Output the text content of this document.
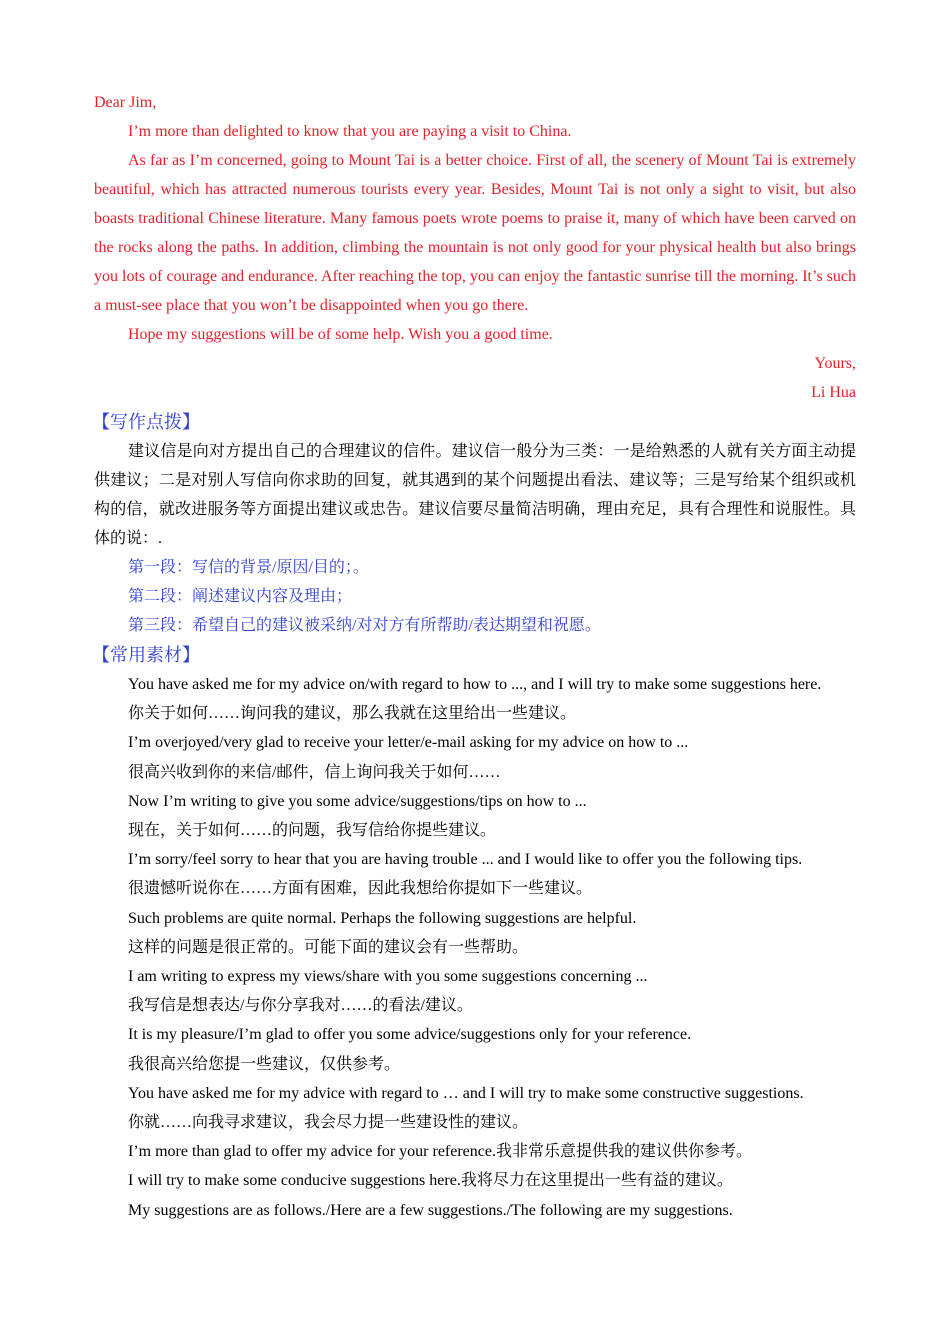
Dear Jim,
I’m more than delighted to know that you are paying a visit to China.
As far as I’m concerned, going to Mount Tai is a better choice. First of all, the scenery of Mount Tai is extremely beautiful, which has attracted numerous tourists every year. Besides, Mount Tai is not only a sight to visit, but also boasts traditional Chinese literature. Many famous poets wrote poems to praise it, many of which have been carved on the rocks along the paths. In addition, climbing the mountain is not only good for your physical health but also brings you lots of courage and endurance. After reaching the top, you can enjoy the fantastic sunrise till the morning. It’s such a must-see place that you won’t be disappointed when you go there.
Hope my suggestions will be of some help. Wish you a good time.
Yours,
Li Hua
【写作点拨】
建议信是向对方提出自己的合理建议的信件。建议信一般分为三类：一是给熟悉的人就有关方面主动提供建议；二是对别人写信向你求助的回复，就其遇到的某个问题提出看法、建议等；三是写给某个组织或机构的信，就改进服务等方面提出建议或忠告。建议信要尽量简洁明确，理由充足，具有合理性和说服性。具体的说：.
第一段：写信的背景/原因/目的；。
第二段：阐述建议内容及理由；
第三段：希望自己的建议被采纳/对对方有所帮助/表达期望和祝愿。
【常用素材】
You have asked me for my advice on/with regard to how to ..., and I will try to make some suggestions here.
你关于如何……询问我的建议，那么我就在这里给出一些建议。
I’m overjoyed/very glad to receive your letter/e-mail asking for my advice on how to ...
很高兴收到你的来信/邮件，信上询问我关于如何……
Now I’m writing to give you some advice/suggestions/tips on how to ...
现在，关于如何……的问题，我写信给你提些建议。
I’m sorry/feel sorry to hear that you are having trouble ... and I would like to offer you the following tips.
很遗憾听说你在……方面有困难，因此我想给你提如下一些建议。
Such problems are quite normal. Perhaps the following suggestions are helpful.
这样的问题是很正常的。可能下面的建议会有一些帮助。
I am writing to express my views/share with you some suggestions concerning ...
我写信是想表达/与你分享我对……的看法/建议。
It is my pleasure/I’m glad to offer you some advice/suggestions only for your reference.
我很高兴给您提一些建议，仅供参考。
You have asked me for my advice with regard to … and I will try to make some constructive suggestions.
你就……向我寻求建议，我会尽力提一些建设性的建议。
I’m more than glad to offer my advice for your reference.我非常乐意提供我的建议供你参考。
I will try to make some conducive suggestions here.我将尽力在这里提出一些有益的建议。
My suggestions are as follows./Here are a few suggestions./The following are my suggestions.
